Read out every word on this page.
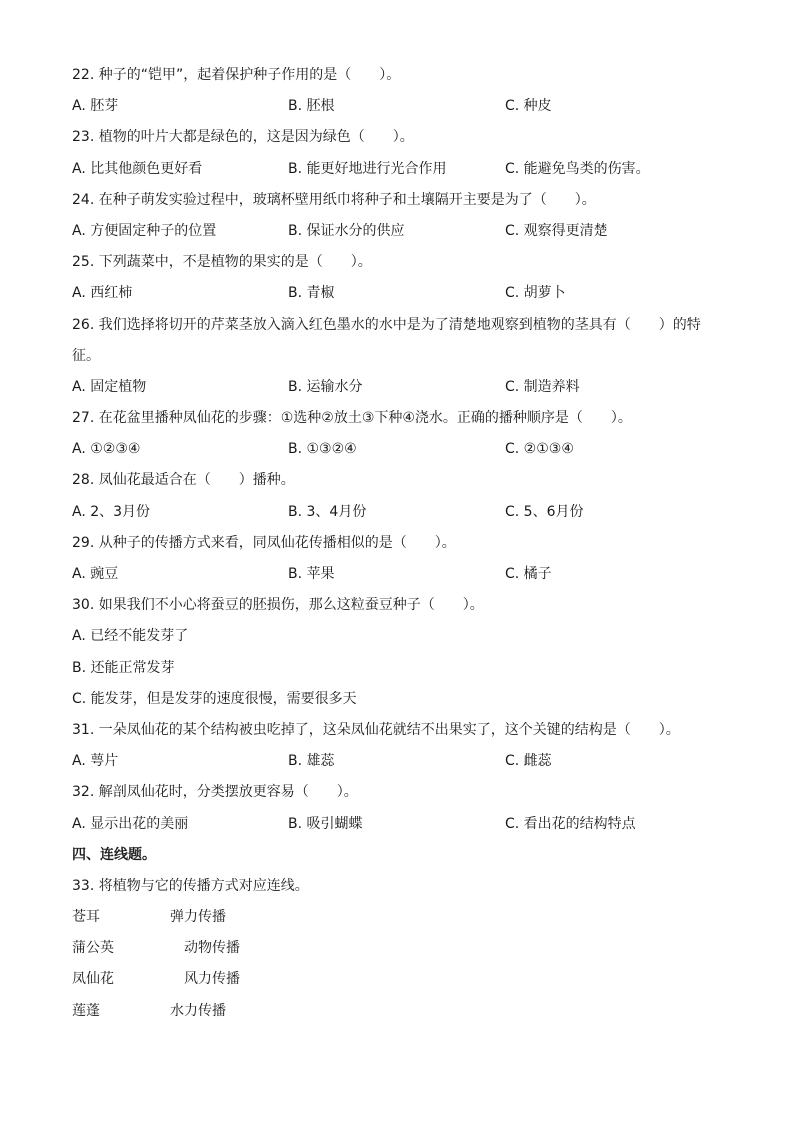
22. 种子的“铠甲”，起着保护种子作用的是（　　）。
A. 胚芽	B. 胚根	C. 种皮
23. 植物的叶片大都是绿色的，这是因为绿色（　　）。
A. 比其他颜色更好看	B. 能更好地进行光合作用	C. 能避免鸟类的伤害。
24. 在种子萌发实验过程中，玻璃杯壁用纸巾将种子和土壤隔开主要是为了（　　）。
A. 方便固定种子的位置	B. 保证水分的供应	C. 观察得更清楚
25. 下列蔬菜中，不是植物的果实的是（　　）。
A. 西红柿	B. 青椒	C. 胡萝卜
26. 我们选择将切开的芹菜茎放入滴入红色墨水的水中是为了清楚地观察到植物的茎具有（　　）的特征。
A. 固定植物	B. 运输水分	C. 制造养料
27. 在花盆里播种凤仙花的步骤：①选种②放土③下种④浇水。正确的播种顺序是（　　）。
A. ①②③④	B. ①③②④	C. ②①③④
28. 凤仙花最适合在（　　）播种。
A. 2、3月份	B. 3、4月份	C. 5、6月份
29. 从种子的传播方式来看，同凤仙花传播相似的是（　　）。
A. 豌豆	B. 苹果	C. 橘子
30. 如果我们不小心将蚕豆的胚损伤，那么这粒蚕豆种子（　　）。
A. 已经不能发芽了
B. 还能正常发芽
C. 能发芽，但是发芽的速度很慢，需要很多天
31. 一朵凤仙花的某个结构被虫吃掉了，这朵凤仙花就结不出果实了，这个关键的结构是（　　）。
A. 萼片	B. 雄蕊	C. 雌蕊
32. 解剖凤仙花时，分类摆放更容易（　　）。
A. 显示出花的美丽	B. 吸引蝴蝶	C. 看出花的结构特点
四、连线题。
33. 将植物与它的传播方式对应连线。
苍耳	弹力传播
蒲公英	动物传播
凤仙花	风力传播
莲蓬	水力传播
